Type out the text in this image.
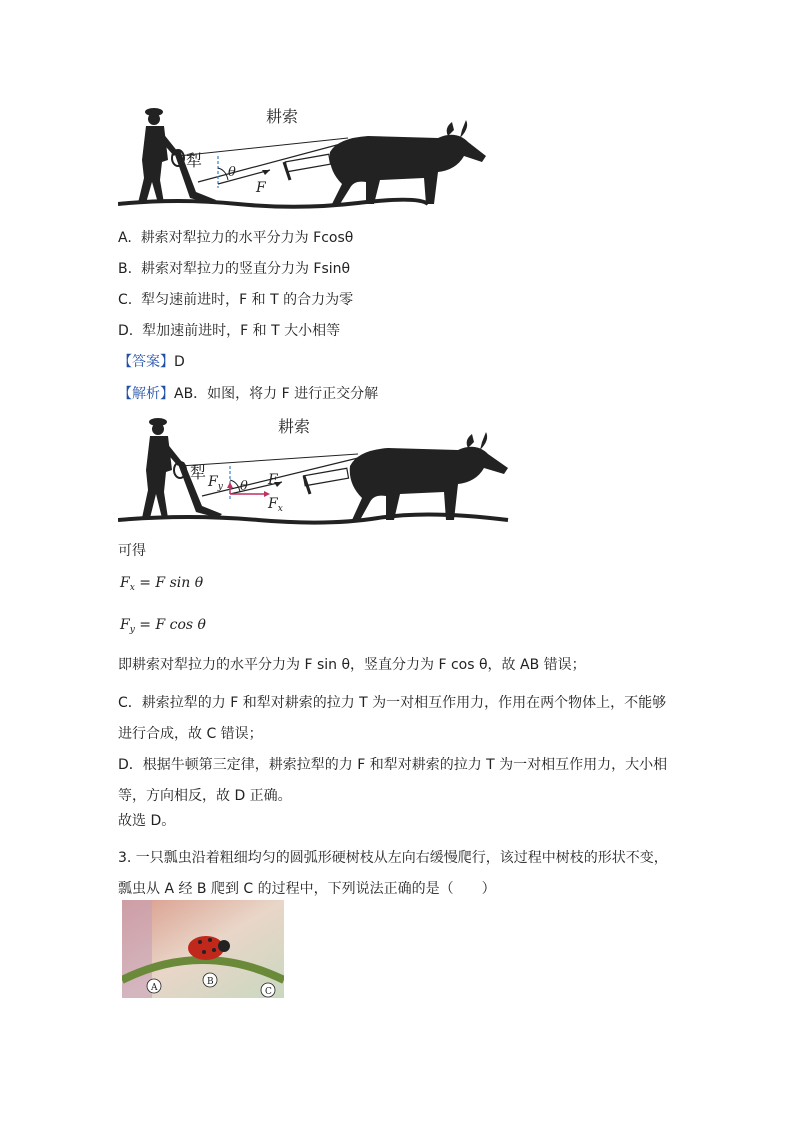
耕索
犁
θ
F
A. 耕索对犁拉力的水平分力为 Fcosθ
B. 耕索对犁拉力的竖直分力为 Fsinθ
C. 犁匀速前进时，F 和 T 的合力为零
D. 犁加速前进时，F 和 T 大小相等
【答案】D
【解析】AB．如图，将力 F 进行正交分解
耕索
犁 $F_y$ θ F
$F_x$
可得
$F_x = F$ sin θ
$F_y = F$ cos θ
即耕索对犁拉力的水平分力为 F sin θ，竖直分力为 F cos θ，故 AB 错误；
C．耕索拉犁的力 F 和犁对耕索的拉力 T 为一对相互作用力，作用在两个物体上，不能够进行合成，故 C 错误；
D．根据牛顿第三定律，耕索拉犁的力 F 和犁对耕索的拉力 T 为一对相互作用力，大小相等，方向相反，故 D 正确。
故选 D。
3. 一只瓢虫沿着粗细均匀的圆弧形硬树枝从左向右缓慢爬行，该过程中树枝的形状不变，瓢虫从 A 经 B 爬到 C 的过程中，下列说法正确的是（　　）
A
B
C
